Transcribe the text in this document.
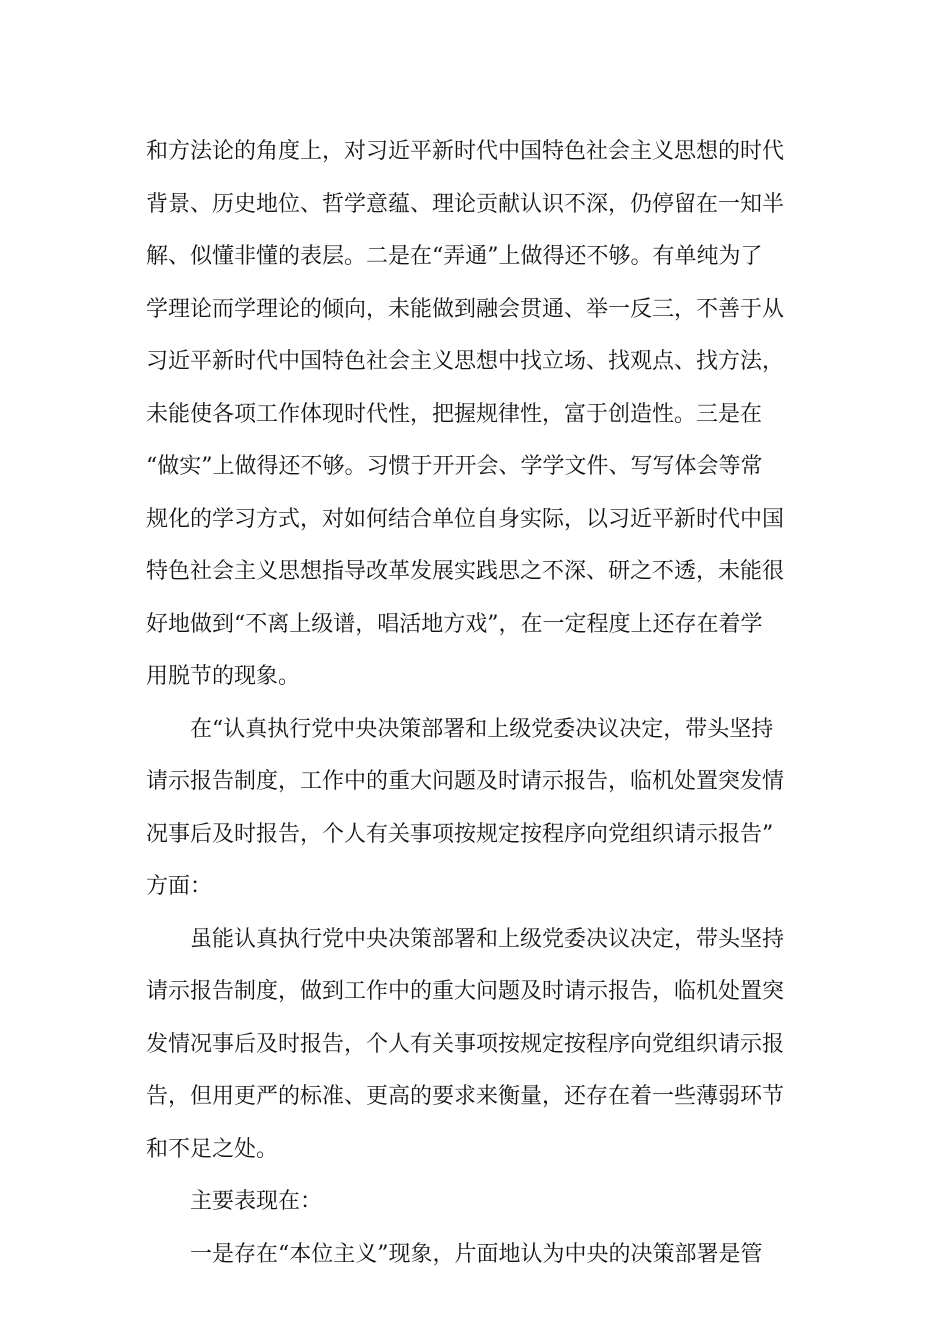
和方法论的角度上，对习近平新时代中国特色社会主义思想的时代
背景、历史地位、哲学意蕴、理论贡献认识不深，仍停留在一知半
解、似懂非懂的表层。二是在“弄通”上做得还不够。有单纯为了
学理论而学理论的倾向，未能做到融会贯通、举一反三，不善于从
习近平新时代中国特色社会主义思想中找立场、找观点、找方法，
未能使各项工作体现时代性，把握规律性，富于创造性。三是在
“做实”上做得还不够。习惯于开开会、学学文件、写写体会等常
规化的学习方式，对如何结合单位自身实际，以习近平新时代中国
特色社会主义思想指导改革发展实践思之不深、研之不透，未能很
好地做到“不离上级谱，唱活地方戏”，在一定程度上还存在着学
用脱节的现象。
在“认真执行党中央决策部署和上级党委决议决定，带头坚持
请示报告制度，工作中的重大问题及时请示报告，临机处置突发情
况事后及时报告，个人有关事项按规定按程序向党组织请示报告”
方面：
虽能认真执行党中央决策部署和上级党委决议决定，带头坚持
请示报告制度，做到工作中的重大问题及时请示报告，临机处置突
发情况事后及时报告，个人有关事项按规定按程序向党组织请示报
告，但用更严的标准、更高的要求来衡量，还存在着一些薄弱环节
和不足之处。
主要表现在：
一是存在“本位主义”现象，片面地认为中央的决策部署是管
